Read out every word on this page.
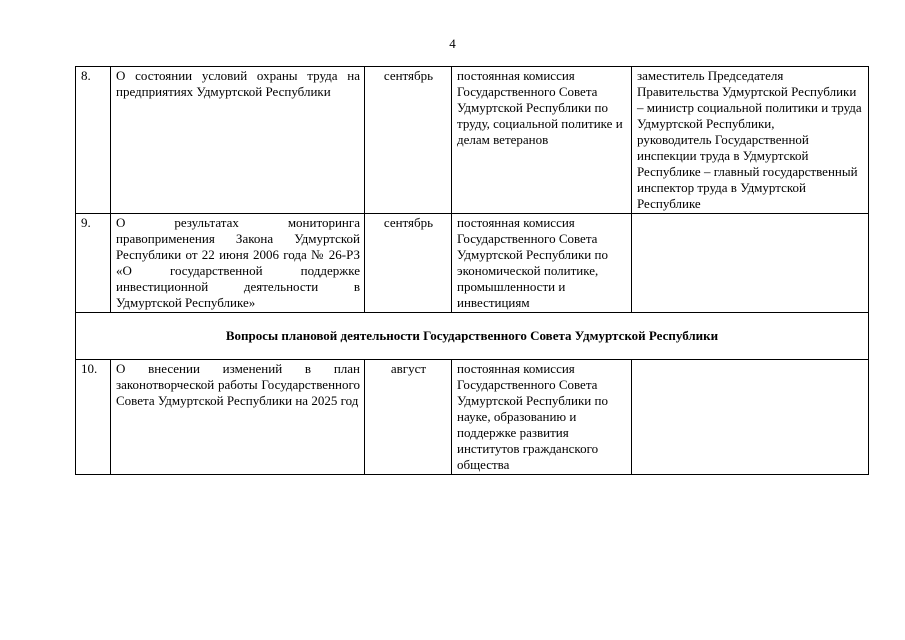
4
8.	О состоянии условий охраны труда на предприятиях Удмуртской Республики	сентябрь	постоянная комиссия Государственного Совета Удмуртской Республики по труду, социальной политике и делам ветеранов	заместитель Председателя Правительства Удмуртской Республики – министр социальной политики и труда Удмуртской Республики,
руководитель Государственной инспекции труда в Удмуртской Республике – главный государственный инспектор труда в Удмуртской Республике

9.	О результатах мониторинга правоприменения Закона Удмуртской Республики от 22 июня 2006 года № 26-РЗ «О государственной поддержке инвестиционной деятельности в Удмуртской Республике»	сентябрь	постоянная комиссия Государственного Совета Удмуртской Республики по экономической политике, промышленности и инвестициям	
Вопросы плановой деятельности Государственного Совета Удмуртской Республики				
10.	О внесении изменений в план законотворческой работы Государственного Совета Удмуртской Республики на 2025 год	август	постоянная комиссия Государственного Совета Удмуртской Республики по науке, образованию и поддержке развития институтов гражданского общества	
